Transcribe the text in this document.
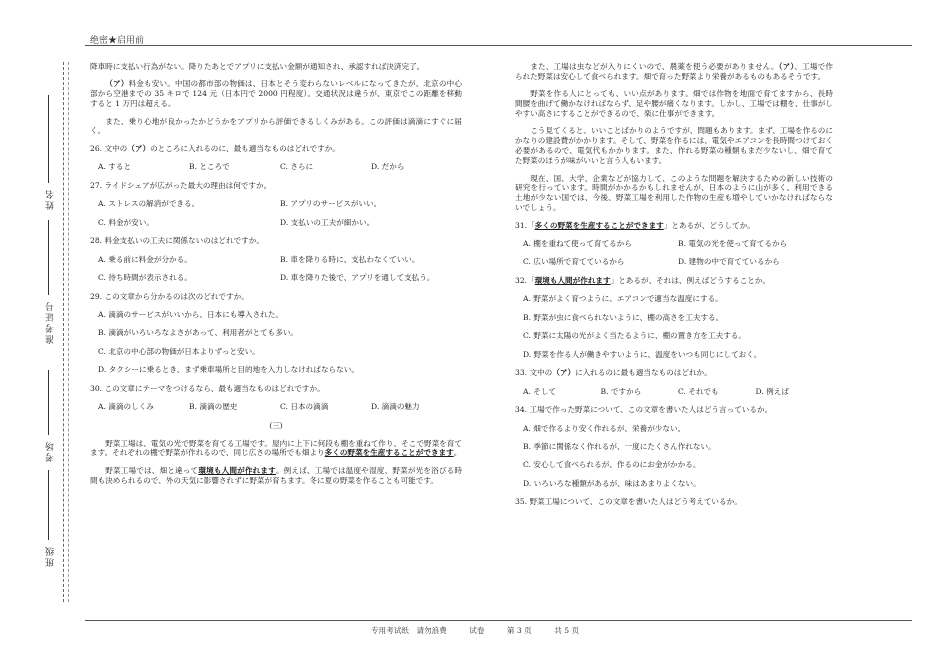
绝密★启用前
姓名
准考证号
考场
班级

降車時に支払い行為がない。降りたあとでアプリに支払い金額が通知され、承認すれば決済完了。

（ア）料金も安い。中国の都市部の物価は、日本とそう変わらないレベルになってきたが、北京の中心部から空港までの 35 キロで 124 元（日本円で 2000 円程度）。交通状況は違うが、東京でこの距離を移動すると 1 万円は超える。

また、乗り心地が良かったかどうかをアプリから評価できるしくみがある。この評価は滴滴にすぐに届く。

26. 文中の（ア）のところに入れるのに、最も適当なものはどれですか。
A. すると	B. ところで	C. さらに	D. だから
27. ライドシェアが広がった最大の理由は何ですか。
A. ストレスの解消ができる。	B. アプリのサービスがいい。
C. 料金が安い。	D. 支払いの工夫が細かい。
28. 料金支払いの工夫に関係ないのはどれですか。
A. 乗る前に料金が分かる。	B. 車を降りる時に、支払わなくていい。
C. 待ち時間が表示される。	D. 車を降りた後で、アプリを通して支払う。
29. この文章から分かるのは次のどれですか。
A. 滴滴のサービスがいいから、日本にも導入された。
B. 滴滴がいろいろなよさがあって、利用者がとても多い。
C. 北京の中心部の物価が日本よりずっと安い。
D. タクシーに乗るとき、まず乗車場所と目的地を入力しなければならない。
30. この文章にテーマをつけるなら、最も適当なものはどれですか。
A. 滴滴のしくみ	B. 滴滴の歴史	C. 日本の滴滴	D. 滴滴の魅力
(三)

野菜工場は、電気の光で野菜を育てる工場です。屋内に上下に何段も棚を重ねて作り、そこで野菜を育てます。それぞれの棚で野菜が作れるので、同じ広さの場所でも畑より多くの野菜を生産することができます。

野菜工場では、畑と違って環境も人間が作れます。例えば、工場では温度や湿度、野菜が光を浴びる時間も決められるので、外の天気に影響されずに野菜が育ちます。冬に夏の野菜を作ることも可能です。

また、工場は虫などが入りにくいので、農薬を使う必要がありません。（ア）、工場で作られた野菜は安心して食べられます。畑で育った野菜より栄養があるものもあるそうです。

野菜を作る人にとっても、いい点があります。畑では作物を地面で育てますから、長時間腰を曲げて働かなければならず、足や腰が痛くなります。しかし、工場では棚を、仕事がしやすい高さにすることができるので、楽に仕事ができます。

こう見てくると、いいことばかりのようですが、問題もあります。まず、工場を作るのにかなりの建設費がかかります。そして、野菜を作るには、電気やエアコンを長時間つけておく必要があるので、電気代もかかります。また、作れる野菜の種類もまだ少ないし、畑で育てた野菜のほうが味がいいと言う人もいます。

現在、国、大学、企業などが協力して、このような問題を解決するための新しい技術の研究を行っています。時間がかかるかもしれませんが、日本のように山が多く、利用できる土地が少ない国では、今後、野菜工場を利用した作物の生産も増やしていかなければならないでしょう。

31.「多くの野菜を生産することができます」とあるが、どうしてか。
A. 棚を重ねて使って育てるから	B. 電気の光を使って育てるから
C. 広い場所で育てているから	D. 建物の中で育てているから
32.「環境も人間が作れます」とあるが、それは、例えばどうすることか。
A. 野菜がよく育つように、エアコンで適当な温度にする。
B. 野菜が虫に食べられないように、棚の高さを工夫する。
C. 野菜に太陽の光がよく当たるように、棚の置き方を工夫する。
D. 野菜を作る人が働きやすいように、温度をいつも同じにしておく。
33. 文中の（ア）に入れるのに最も適当なものはどれか。
A. そして	B. ですから	C. それでも	D. 例えば
34. 工場で作った野菜について、この文章を書いた人はどう言っているか。
A. 畑で作るより安く作れるが、栄養が少ない。
B. 季節に関係なく作れるが、一度にたくさん作れない。
C. 安心して食べられるが、作るのにお金がかかる。
D. いろいろな種類があるが、味はあまりよくない。
35. 野菜工場について、この文章を書いた人はどう考えているか。
专用考试纸　请勿浪费	试卷	第 3 页	共 5 页
